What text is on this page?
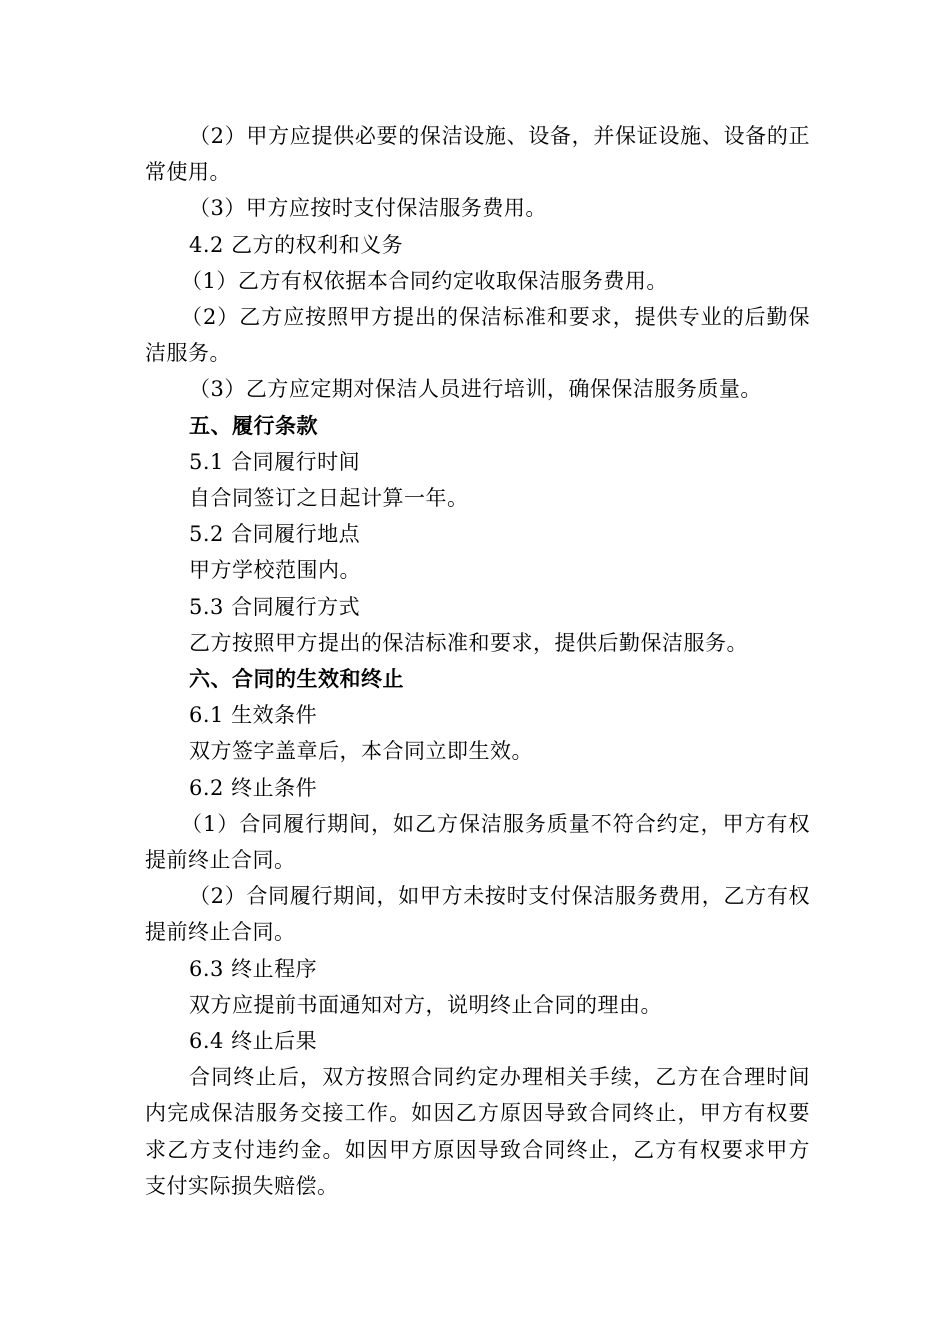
（2）甲方应提供必要的保洁设施、设备，并保证设施、设备的正常使用。

（3）甲方应按时支付保洁服务费用。

4.2 乙方的权利和义务

（1）乙方有权依据本合同约定收取保洁服务费用。

（2）乙方应按照甲方提出的保洁标准和要求，提供专业的后勤保洁服务。

（3）乙方应定期对保洁人员进行培训，确保保洁服务质量。

五、履行条款

5.1 合同履行时间

自合同签订之日起计算一年。

5.2 合同履行地点

甲方学校范围内。

5.3 合同履行方式

乙方按照甲方提出的保洁标准和要求，提供后勤保洁服务。

六、合同的生效和终止

6.1 生效条件

双方签字盖章后，本合同立即生效。

6.2 终止条件

（1）合同履行期间，如乙方保洁服务质量不符合约定，甲方有权提前终止合同。

（2）合同履行期间，如甲方未按时支付保洁服务费用，乙方有权提前终止合同。

6.3 终止程序

双方应提前书面通知对方，说明终止合同的理由。

6.4 终止后果

合同终止后，双方按照合同约定办理相关手续，乙方在合理时间内完成保洁服务交接工作。如因乙方原因导致合同终止，甲方有权要求乙方支付违约金。如因甲方原因导致合同终止，乙方有权要求甲方支付实际损失赔偿。
